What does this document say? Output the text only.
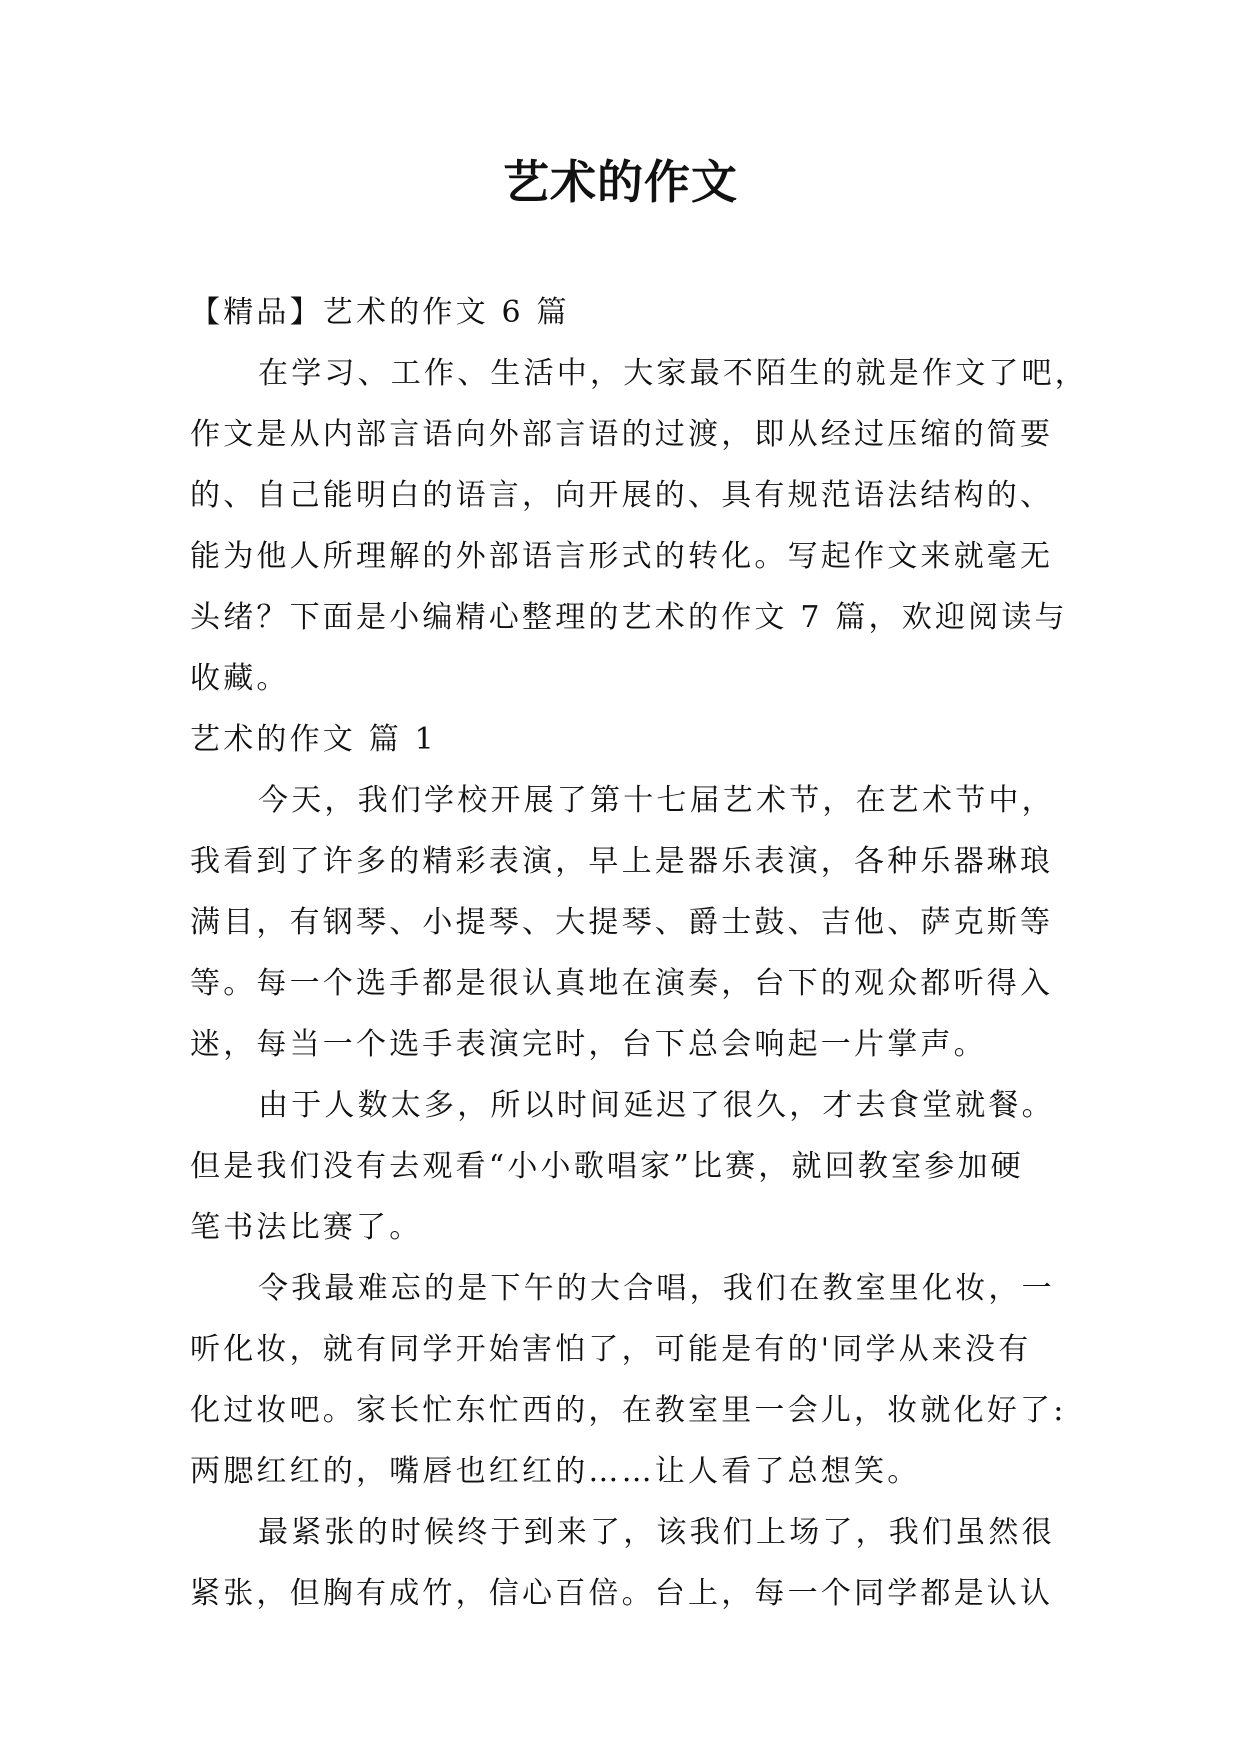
艺术的作文
【精品】艺术的作文 6 篇
在学习、工作、生活中，大家最不陌生的就是作文了吧，
作文是从内部言语向外部言语的过渡，即从经过压缩的简要
的、自己能明白的语言，向开展的、具有规范语法结构的、
能为他人所理解的外部语言形式的转化。写起作文来就毫无
头绪？下面是小编精心整理的艺术的作文 7 篇，欢迎阅读与
收藏。
艺术的作文 篇 1
今天，我们学校开展了第十七届艺术节，在艺术节中，
我看到了许多的精彩表演，早上是器乐表演，各种乐器琳琅
满目，有钢琴、小提琴、大提琴、爵士鼓、吉他、萨克斯等
等。每一个选手都是很认真地在演奏，台下的观众都听得入
迷，每当一个选手表演完时，台下总会响起一片掌声。
由于人数太多，所以时间延迟了很久，才去食堂就餐。
但是我们没有去观看“小小歌唱家”比赛，就回教室参加硬
笔书法比赛了。
令我最难忘的是下午的大合唱，我们在教室里化妆，一
听化妆，就有同学开始害怕了，可能是有的'同学从来没有
化过妆吧。家长忙东忙西的，在教室里一会儿，妆就化好了:
两腮红红的，嘴唇也红红的……让人看了总想笑。
最紧张的时候终于到来了，该我们上场了，我们虽然很
紧张，但胸有成竹，信心百倍。台上，每一个同学都是认认
